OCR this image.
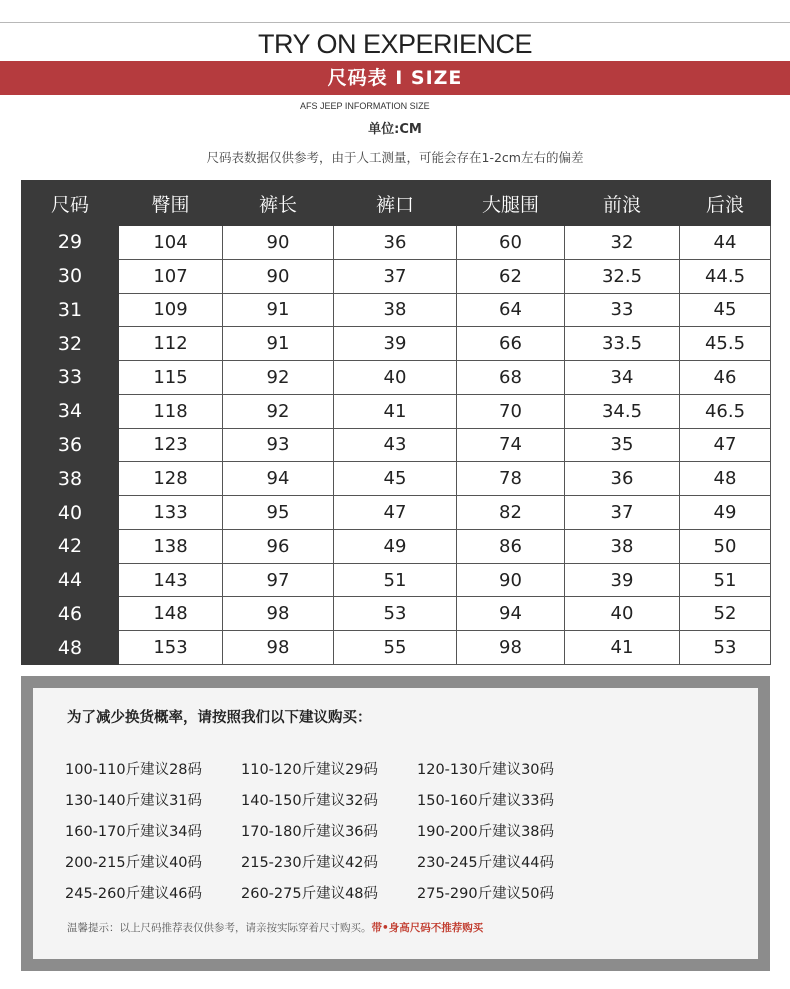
TRY ON EXPERIENCE
尺码表 I SIZE
AFS JEEP INFORMATION SIZE
单位:CM
尺码表数据仅供参考，由于人工测量，可能会存在1-2cm左右的偏差
尺码	臀围	裤长	裤口	大腿围	前浪	后浪
29	104	90	36	60	32	44
30	107	90	37	62	32.5	44.5
31	109	91	38	64	33	45
32	112	91	39	66	33.5	45.5
33	115	92	40	68	34	46
34	118	92	41	70	34.5	46.5
36	123	93	43	74	35	47
38	128	94	45	78	36	48
40	133	95	47	82	37	49
42	138	96	49	86	38	50
44	143	97	51	90	39	51
46	148	98	53	94	40	52
48	153	98	55	98	41	53
为了减少换货概率，请按照我们以下建议购买：
100-110斤建议28码	110-120斤建议29码	120-130斤建议30码
130-140斤建议31码	140-150斤建议32码	150-160斤建议33码
160-170斤建议34码	170-180斤建议36码	190-200斤建议38码
200-215斤建议40码	215-230斤建议42码	230-245斤建议44码
245-260斤建议46码	260-275斤建议48码	275-290斤建议50码
温馨提示：以上尺码推荐表仅供参考，请亲按实际穿着尺寸购买。带•身高尺码不推荐购买
